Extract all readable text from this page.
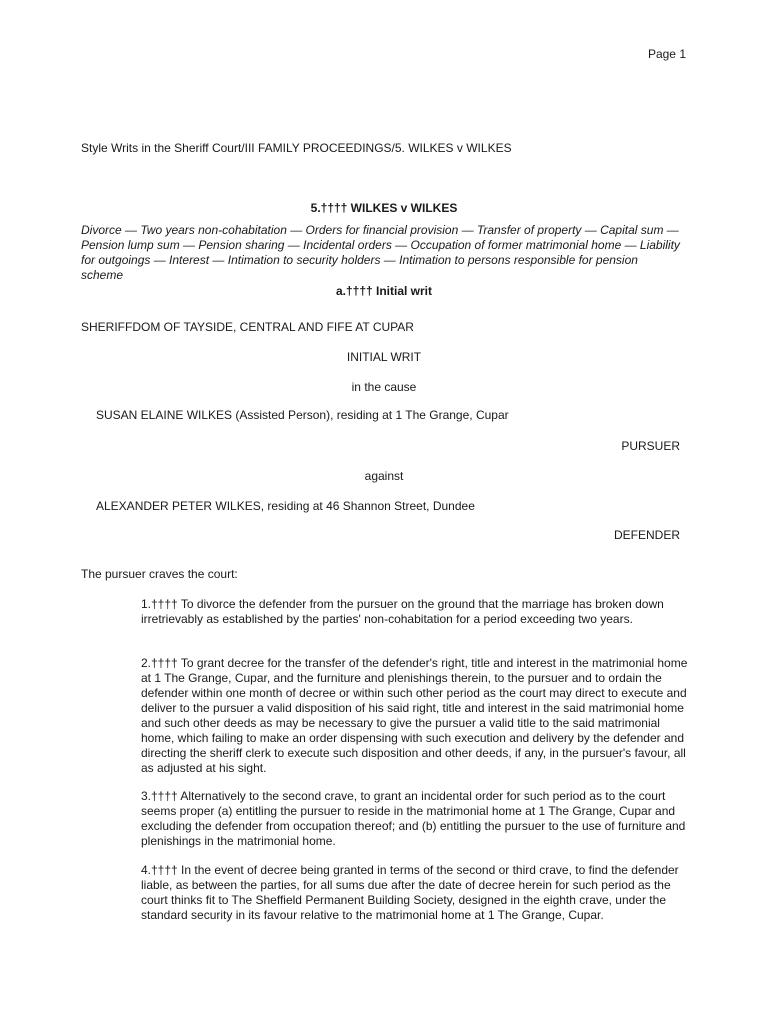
Page 1
Style Writs in the Sheriff Court/III FAMILY PROCEEDINGS/5. WILKES v WILKES
5.†††† WILKES v WILKES
Divorce — Two years non-cohabitation — Orders for financial provision — Transfer of property — Capital sum — Pension lump sum — Pension sharing — Incidental orders — Occupation of former matrimonial home — Liability for outgoings — Interest — Intimation to security holders — Intimation to persons responsible for pension scheme
a.†††† Initial writ
SHERIFFDOM OF TAYSIDE, CENTRAL AND FIFE AT CUPAR
INITIAL WRIT
in the cause
SUSAN ELAINE WILKES (Assisted Person), residing at 1 The Grange, Cupar
PURSUER
against
ALEXANDER PETER WILKES, residing at 46 Shannon Street, Dundee
DEFENDER
The pursuer craves the court:
1.†††† To divorce the defender from the pursuer on the ground that the marriage has broken down irretrievably as established by the parties' non-cohabitation for a period exceeding two years.
2.†††† To grant decree for the transfer of the defender's right, title and interest in the matrimonial home at 1 The Grange, Cupar, and the furniture and plenishings therein, to the pursuer and to ordain the defender within one month of decree or within such other period as the court may direct to execute and deliver to the pursuer a valid disposition of his said right, title and interest in the said matrimonial home and such other deeds as may be necessary to give the pursuer a valid title to the said matrimonial home, which failing to make an order dispensing with such execution and delivery by the defender and directing the sheriff clerk to execute such disposition and other deeds, if any, in the pursuer's favour, all as adjusted at his sight.
3.†††† Alternatively to the second crave, to grant an incidental order for such period as to the court seems proper (a) entitling the pursuer to reside in the matrimonial home at 1 The Grange, Cupar and excluding the defender from occupation thereof; and (b) entitling the pursuer to the use of furniture and plenishings in the matrimonial home.
4.†††† In the event of decree being granted in terms of the second or third crave, to find the defender liable, as between the parties, for all sums due after the date of decree herein for such period as the court thinks fit to The Sheffield Permanent Building Society, designed in the eighth crave, under the standard security in its favour relative to the matrimonial home at 1 The Grange, Cupar.
